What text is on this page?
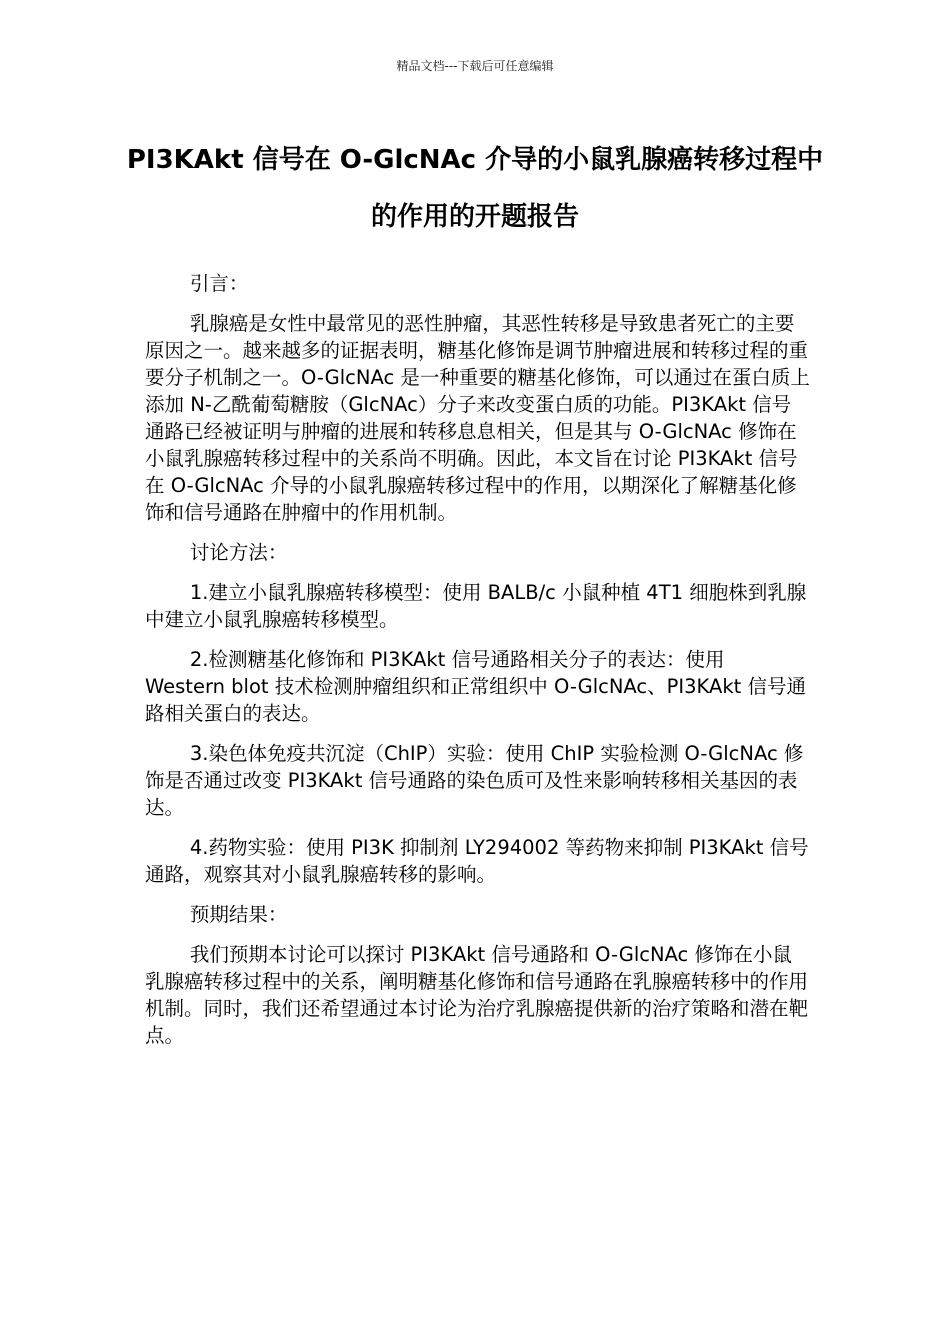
精品文档---下载后可任意编辑
PI3KAkt 信号在 O-GlcNAc 介导的小鼠乳腺癌转移过程中的作用的开题报告

引言：

乳腺癌是女性中最常见的恶性肿瘤，其恶性转移是导致患者死亡的主要原因之一。越来越多的证据表明，糖基化修饰是调节肿瘤进展和转移过程的重要分子机制之一。O-GlcNAc 是一种重要的糖基化修饰，可以通过在蛋白质上添加 N-乙酰葡萄糖胺（GlcNAc）分子来改变蛋白质的功能。PI3KAkt 信号通路已经被证明与肿瘤的进展和转移息息相关，但是其与 O-GlcNAc 修饰在小鼠乳腺癌转移过程中的关系尚不明确。因此，本文旨在讨论 PI3KAkt 信号在 O-GlcNAc 介导的小鼠乳腺癌转移过程中的作用，以期深化了解糖基化修饰和信号通路在肿瘤中的作用机制。

讨论方法：

1.建立小鼠乳腺癌转移模型：使用 BALB/c 小鼠种植 4T1 细胞株到乳腺中建立小鼠乳腺癌转移模型。

2.检测糖基化修饰和 PI3KAkt 信号通路相关分子的表达：使用 Western blot 技术检测肿瘤组织和正常组织中 O-GlcNAc、PI3KAkt 信号通路相关蛋白的表达。

3.染色体免疫共沉淀（ChIP）实验：使用 ChIP 实验检测 O-GlcNAc 修饰是否通过改变 PI3KAkt 信号通路的染色质可及性来影响转移相关基因的表达。

4.药物实验：使用 PI3K 抑制剂 LY294002 等药物来抑制 PI3KAkt 信号通路，观察其对小鼠乳腺癌转移的影响。

预期结果：

我们预期本讨论可以探讨 PI3KAkt 信号通路和 O-GlcNAc 修饰在小鼠乳腺癌转移过程中的关系，阐明糖基化修饰和信号通路在乳腺癌转移中的作用机制。同时，我们还希望通过本讨论为治疗乳腺癌提供新的治疗策略和潜在靶点。
